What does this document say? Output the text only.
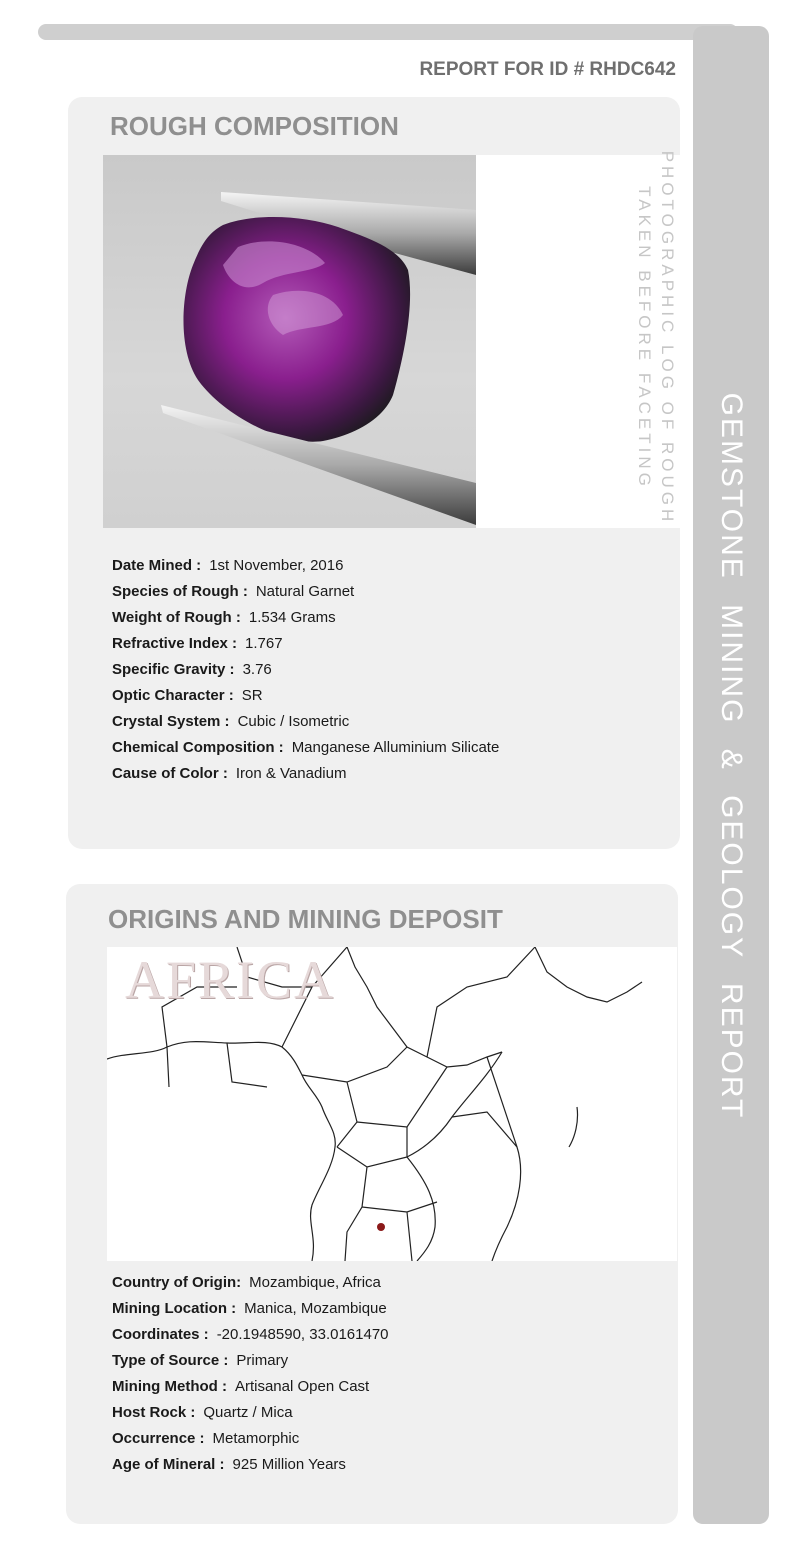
GEMSTONE MINING & GEOLOGY REPORT
REPORT FOR ID # RHDC642
ROUGH COMPOSITION
PHOTOGRAPHIC LOG OF ROUGH
TAKEN BEFORE FACETING
Date Mined : 1st November, 2016
Species of Rough : Natural Garnet
Weight of Rough : 1.534 Grams
Refractive Index : 1.767
Specific Gravity : 3.76
Optic Character : SR
Crystal System : Cubic / Isometric
Chemical Composition : Manganese Alluminium Silicate
Cause of Color : Iron & Vanadium
ORIGINS AND MINING DEPOSIT
AFRICA
Country of Origin: Mozambique, Africa
Mining Location : Manica, Mozambique
Coordinates : -20.1948590, 33.0161470
Type of Source : Primary
Mining Method : Artisanal Open Cast
Host Rock : Quartz / Mica
Occurrence : Metamorphic
Age of Mineral : 925 Million Years
